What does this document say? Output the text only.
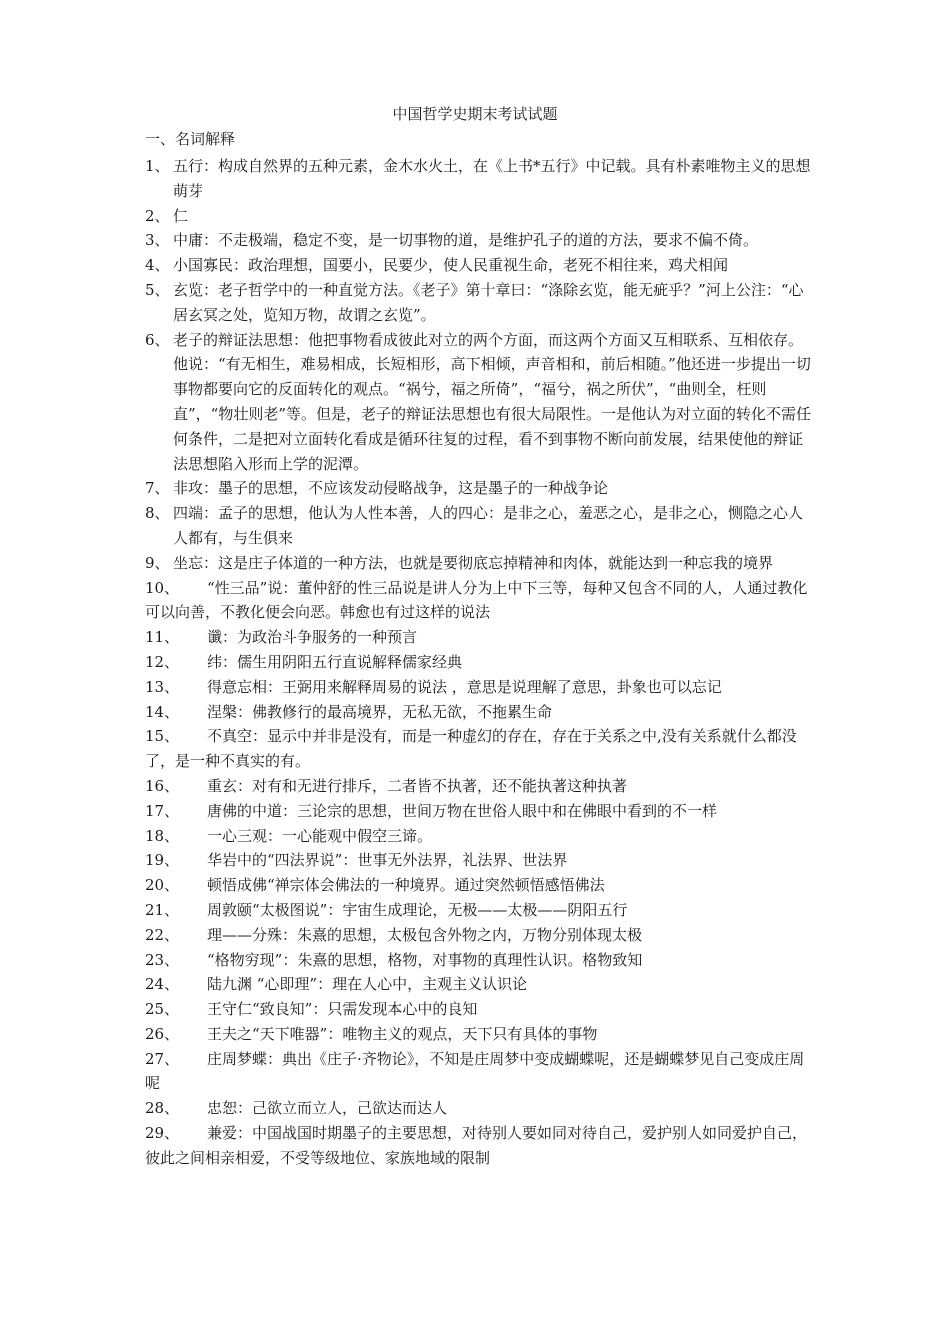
中国哲学史期末考试试题
一、名词解释
1、 五行：构成自然界的五种元素，金木水火土，在《上书*五行》中记载。具有朴素唯物主义的思想萌芽
2、 仁
3、 中庸：不走极端，稳定不变，是一切事物的道，是维护孔子的道的方法，要求不偏不倚。
4、 小国寡民：政治理想，国要小，民要少，使人民重视生命，老死不相往来，鸡犬相闻
5、 玄览：老子哲学中的一种直觉方法。《老子》第十章曰：“涤除玄览，能无疵乎？”河上公注：“心居玄冥之处，览知万物，故谓之玄览”。
6、 老子的辩证法思想：他把事物看成彼此对立的两个方面，而这两个方面又互相联系、互相依存。他说：“有无相生，难易相成，长短相形，高下相倾，声音相和，前后相随。”他还进一步提出一切事物都要向它的反面转化的观点。“祸兮，福之所倚”，“福兮，祸之所伏”，“曲则全，枉则直”，“物壮则老”等。但是，老子的辩证法思想也有很大局限性。一是他认为对立面的转化不需任何条件，二是把对立面转化看成是循环往复的过程，看不到事物不断向前发展，结果使他的辩证法思想陷入形而上学的泥潭。
7、 非攻：墨子的思想，不应该发动侵略战争，这是墨子的一种战争论
8、 四端：孟子的思想，他认为人性本善，人的四心：是非之心，羞恶之心，是非之心，恻隐之心人人都有，与生俱来
9、 坐忘：这是庄子体道的一种方法，也就是要彻底忘掉精神和肉体，就能达到一种忘我的境界
10、 “性三品”说：董仲舒的性三品说是讲人分为上中下三等，每种又包含不同的人，人通过教化可以向善，不教化便会向恶。韩愈也有过这样的说法
11、 谶：为政治斗争服务的一种预言
12、 纬：儒生用阴阳五行直说解释儒家经典
13、 得意忘相：王弼用来解释周易的说法 ，意思是说理解了意思，卦象也可以忘记
14、 涅槃：佛教修行的最高境界，无私无欲，不拖累生命
15、 不真空：显示中并非是没有，而是一种虚幻的存在，存在于关系之中,没有关系就什么都没了，是一种不真实的有。
16、 重玄：对有和无进行排斥，二者皆不执著，还不能执著这种执著
17、 唐佛的中道：三论宗的思想，世间万物在世俗人眼中和在佛眼中看到的不一样
18、 一心三观：一心能观中假空三谛。
19、 华岩中的“四法界说”：世事无外法界，礼法界、世法界
20、 顿悟成佛“禅宗体会佛法的一种境界。通过突然顿悟感悟佛法
21、 周敦颐“太极图说”：宇宙生成理论，无极——太极——阴阳五行
22、 理——分殊：朱熹的思想，太极包含外物之内，万物分别体现太极
23、 “格物穷现”：朱熹的思想，格物，对事物的真理性认识。格物致知
24、 陆九渊 “心即理”：理在人心中，主观主义认识论
25、 王守仁“致良知”：只需发现本心中的良知
26、 王夫之“天下唯器”：唯物主义的观点，天下只有具体的事物
27、 庄周梦蝶：典出《庄子·齐物论》，不知是庄周梦中变成蝴蝶呢，还是蝴蝶梦见自己变成庄周呢
28、 忠恕：己欲立而立人，己欲达而达人
29、 兼爱：中国战国时期墨子的主要思想，对待别人要如同对待自己，爱护别人如同爱护自己，彼此之间相亲相爱，不受等级地位、家族地域的限制
